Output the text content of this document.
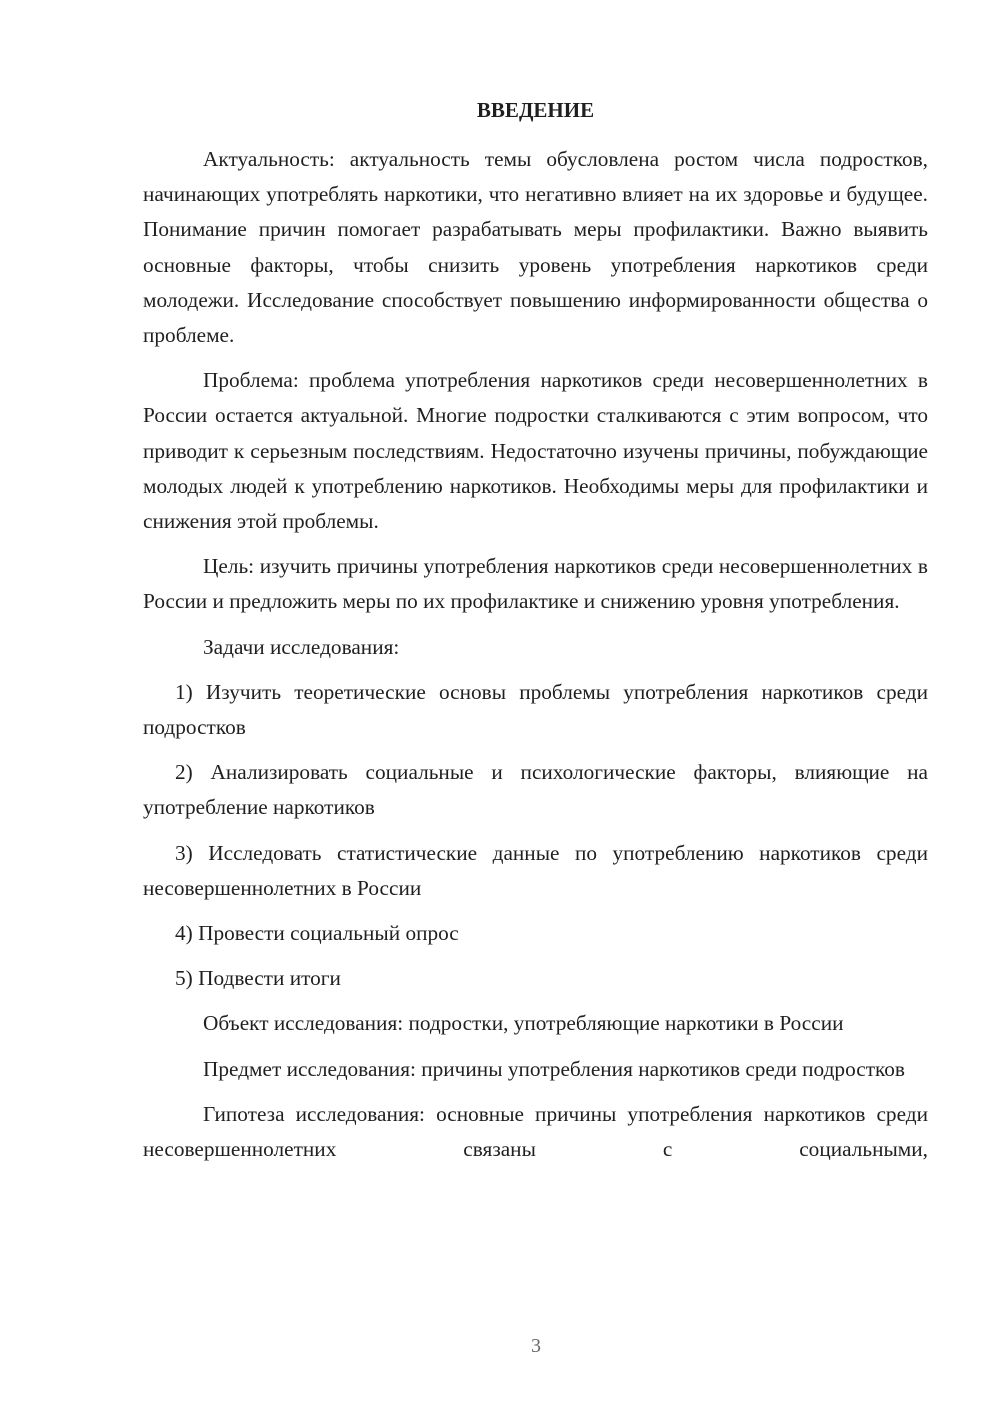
ВВЕДЕНИЕ

Актуальность: актуальность темы обусловлена ростом числа подростков, начинающих употреблять наркотики, что негативно влияет на их здоровье и будущее. Понимание причин помогает разрабатывать меры профилактики. Важно выявить основные факторы, чтобы снизить уровень употребления наркотиков среди молодежи. Исследование способствует повышению информированности общества о проблеме.

Проблема: проблема употребления наркотиков среди несовершеннолетних в России остается актуальной. Многие подростки сталкиваются с этим вопросом, что приводит к серьезным последствиям. Недостаточно изучены причины, побуждающие молодых людей к употреблению наркотиков. Необходимы меры для профилактики и снижения этой проблемы.

Цель: изучить причины употребления наркотиков среди несовершеннолетних в России и предложить меры по их профилактике и снижению уровня употребления.

Задачи исследования:

1) Изучить теоретические основы проблемы употребления наркотиков среди подростков

2) Анализировать социальные и психологические факторы, влияющие на употребление наркотиков

3) Исследовать статистические данные по употреблению наркотиков среди несовершеннолетних в России

4) Провести социальный опрос

5) Подвести итоги

Объект исследования: подростки, употребляющие наркотики в России

Предмет исследования: причины употребления наркотиков среди подростков

Гипотеза исследования: основные причины употребления наркотиков среди несовершеннолетних связаны с социальными,

3
